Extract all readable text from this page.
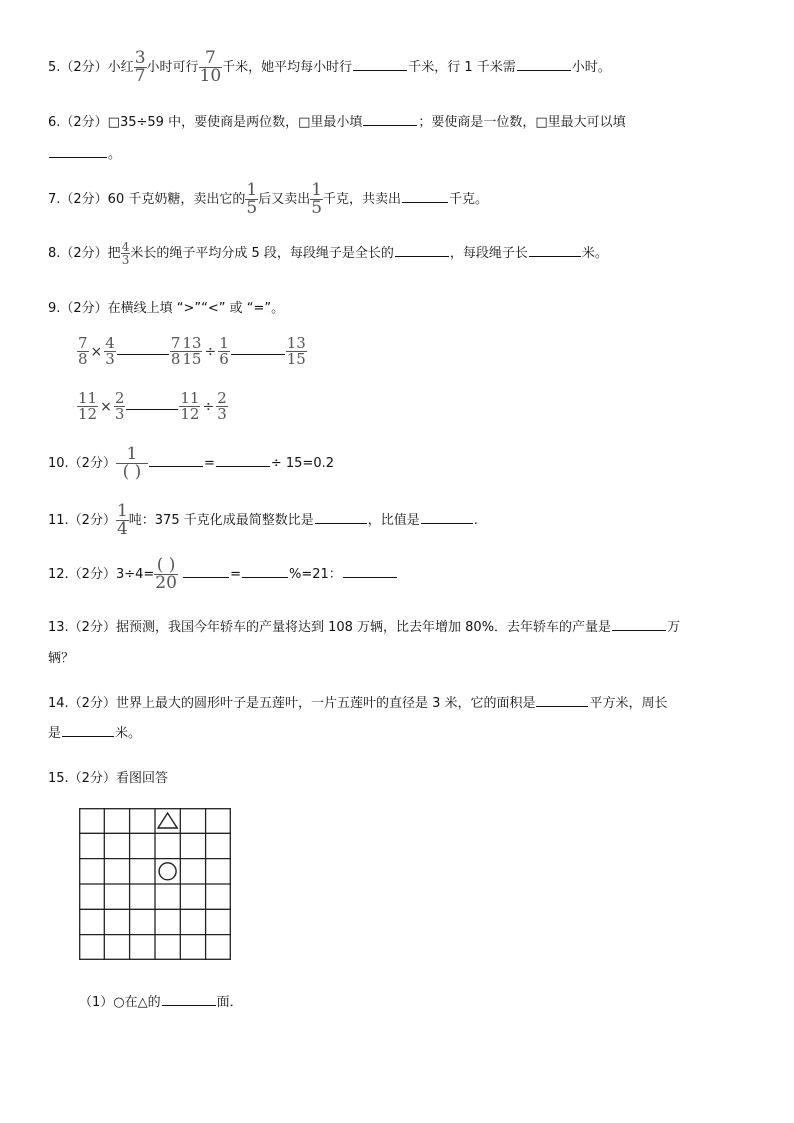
5.（2分）小红 $\frac{3}{7}$ 小时可行 $\frac{7}{10}$ 千米，她平均每小时行	千米，行 1 千米需	小时。
6.（2分）□35÷59 中，要使商是两位数，□里最小填	；要使商是一位数，□里最大可以填
。
7.（2分）60 千克奶糖，卖出它的 $\frac{1}{5}$ 后又卖出 $\frac{1}{5}$ 千克，共卖出	千克。
8.（2分）把 $\frac{4}{3}$ 米长的绳子平均分成 5 段，每段绳子是全长的	，每段绳子长	米。
9.（2分）在横线上填 “>”“<” 或 “=”。
$\frac{7}{8} \times \frac{4}{3}$	$\frac{7}{8} \frac{13}{15} \div \frac{1}{6}$	$\frac{13}{15}$
$\frac{11}{12} \times \frac{2}{3}$	$\frac{11}{12} \div \frac{2}{3}$
10.（2分） $\frac{1}{( )}$	=	÷ 15=0.2
11.（2分） $\frac{1}{4}$ 吨：375 千克化成最简整数比是	，比值是	.
12.（2分）$3\div 4= \frac{( )}{20}$	=	%=21：
13.（2分）据预测，我国今年轿车的产量将达到 108 万辆，比去年增加 80%．去年轿车的产量是	万
辆？
14.（2分）世界上最大的圆形叶子是五莲叶，一片五莲叶的直径是 3 米，它的面积是	平方米，周长
是	米。
15.（2分）看图回答
（1）○在△的	面．
